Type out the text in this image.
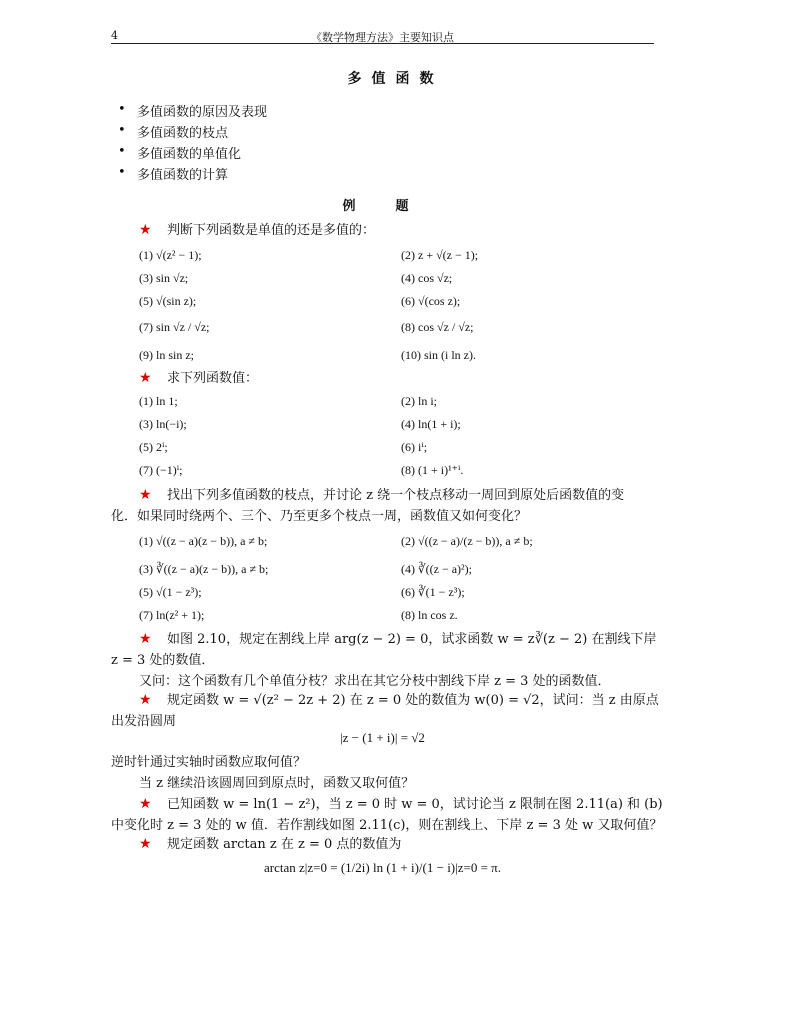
4	《数学物理方法》主要知识点
多值函数
• 多值函数的原因及表现
• 多值函数的枝点
• 多值函数的单值化
• 多值函数的计算
例题
★ 判断下列函数是单值的还是多值的：
(1) √(z² − 1);	(2) z + √(z − 1);
(3) sin √z;	(4) cos √z;
(5) √(sin z);	(6) √(cos z);
(7) sin √z / √z;	(8) cos √z / √z;
(9) ln sin z;	(10) sin (i ln z).
★ 求下列函数值：
(1) ln 1;	(2) ln i;
(3) ln(−i);	(4) ln(1 + i);
(5) 2ⁱ;	(6) iⁱ;
(7) (−1)ⁱ;	(8) (1 + i)¹⁺ⁱ.
★ 找出下列多值函数的枝点，并讨论 z 绕一个枝点移动一周回到原处后函数值的变
化．如果同时绕两个、三个、乃至更多个枝点一周，函数值又如何变化？
(1) √((z − a)(z − b)), a ≠ b;	(2) √((z − a)/(z − b)), a ≠ b;
(3) ∛((z − a)(z − b)), a ≠ b;	(4) ∛((z − a)²);
(5) √(1 − z³);	(6) ∛(1 − z³);
(7) ln(z² + 1);	(8) ln cos z.
★ 如图 2.10，规定在割线上岸 arg(z − 2) = 0，试求函数 w = z∛(z − 2) 在割线下岸
z = 3 处的数值．
又问：这个函数有几个单值分枝？求出在其它分枝中割线下岸 z = 3 处的函数值．
★ 规定函数 w = √(z² − 2z + 2) 在 z = 0 处的数值为 w(0) = √2，试问：当 z 由原点
出发沿圆周
|z − (1 + i)| = √2
逆时针通过实轴时函数应取何值？
当 z 继续沿该圆周回到原点时，函数又取何值？
★ 已知函数 w = ln(1 − z²)，当 z = 0 时 w = 0，试讨论当 z 限制在图 2.11(a) 和 (b)
中变化时 z = 3 处的 w 值．若作割线如图 2.11(c)，则在割线上、下岸 z = 3 处 w 又取何值？
★ 规定函数 arctan z 在 z = 0 点的数值为
arctan z|z=0 = (1/2i) ln (1 + i)/(1 − i)|z=0 = π.
